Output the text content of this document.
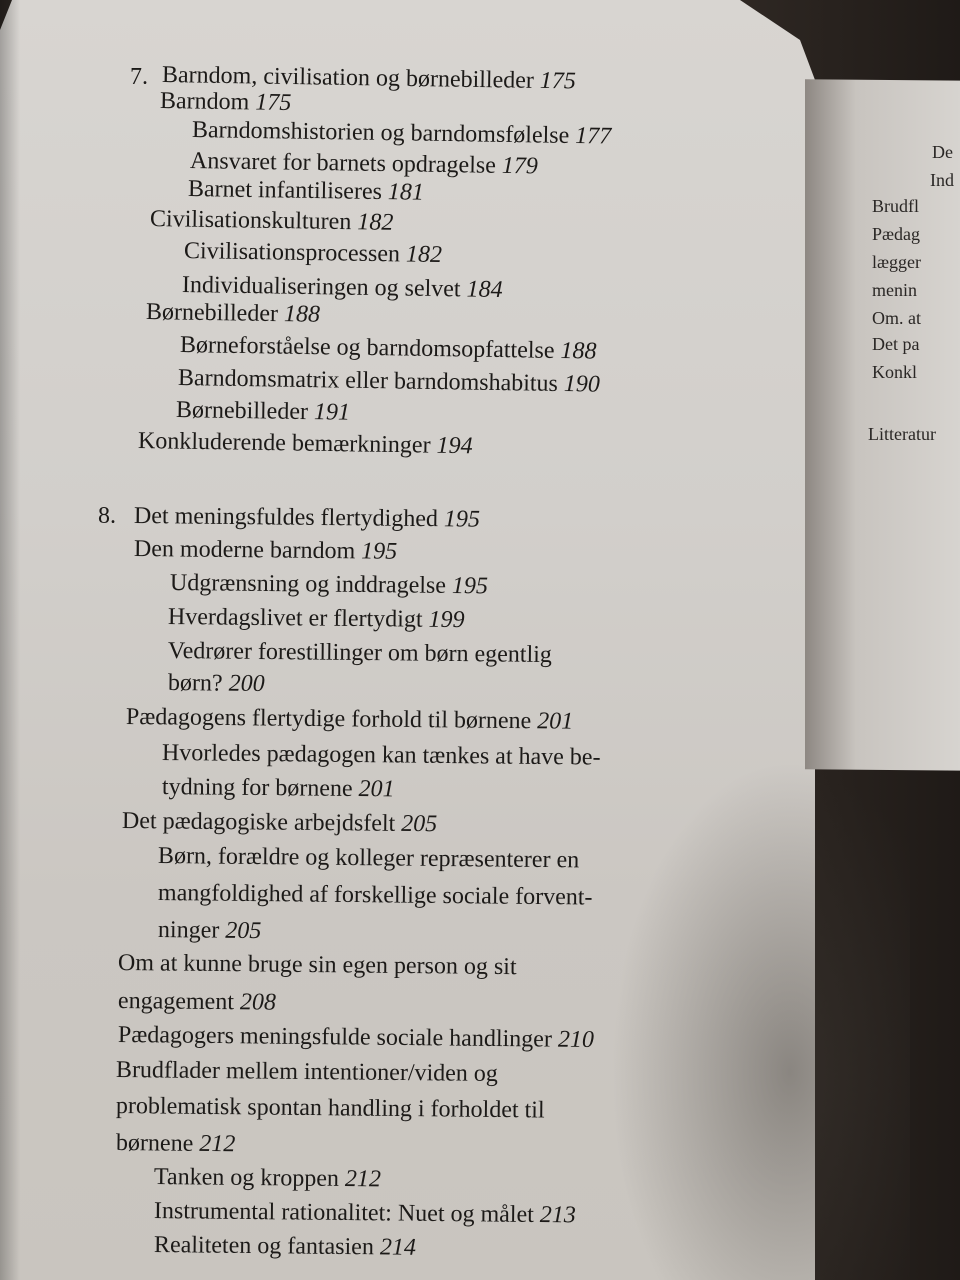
7. Barndom, civilisation og børnebilleder 175
Barndom 175
Barndomshistorien og barndomsfølelse 177
Ansvaret for barnets opdragelse 179
Barnet infantiliseres 181
Civilisationskulturen 182
Civilisationsprocessen 182
Individualiseringen og selvet 184
Børnebilleder 188
Børneforståelse og barndomsopfattelse 188
Barndomsmatrix eller barndomshabitus 190
Børnebilleder 191
Konkluderende bemærkninger 194
8. Det meningsfuldes flertydighed 195
Den moderne barndom 195
Udgrænsning og inddragelse 195
Hverdagslivet er flertydigt 199
Vedrører forestillinger om børn egentlig
børn? 200
Pædagogens flertydige forhold til børnene 201
Hvorledes pædagogen kan tænkes at have be-
tydning for børnene 201
Det pædagogiske arbejdsfelt 205
Børn, forældre og kolleger repræsenterer en
mangfoldighed af forskellige sociale forvent-
ninger 205
Om at kunne bruge sin egen person og sit
engagement 208
Pædagogers meningsfulde sociale handlinger 210
Brudflader mellem intentioner/viden og
problematisk spontan handling i forholdet til
børnene 212
Tanken og kroppen 212
Instrumental rationalitet: Nuet og målet 213
Realiteten og fantasien 214
De
Ind
Brudfl
Pædag
lægger
menin
Om. at
Det pa
Konkl
Litteratur
